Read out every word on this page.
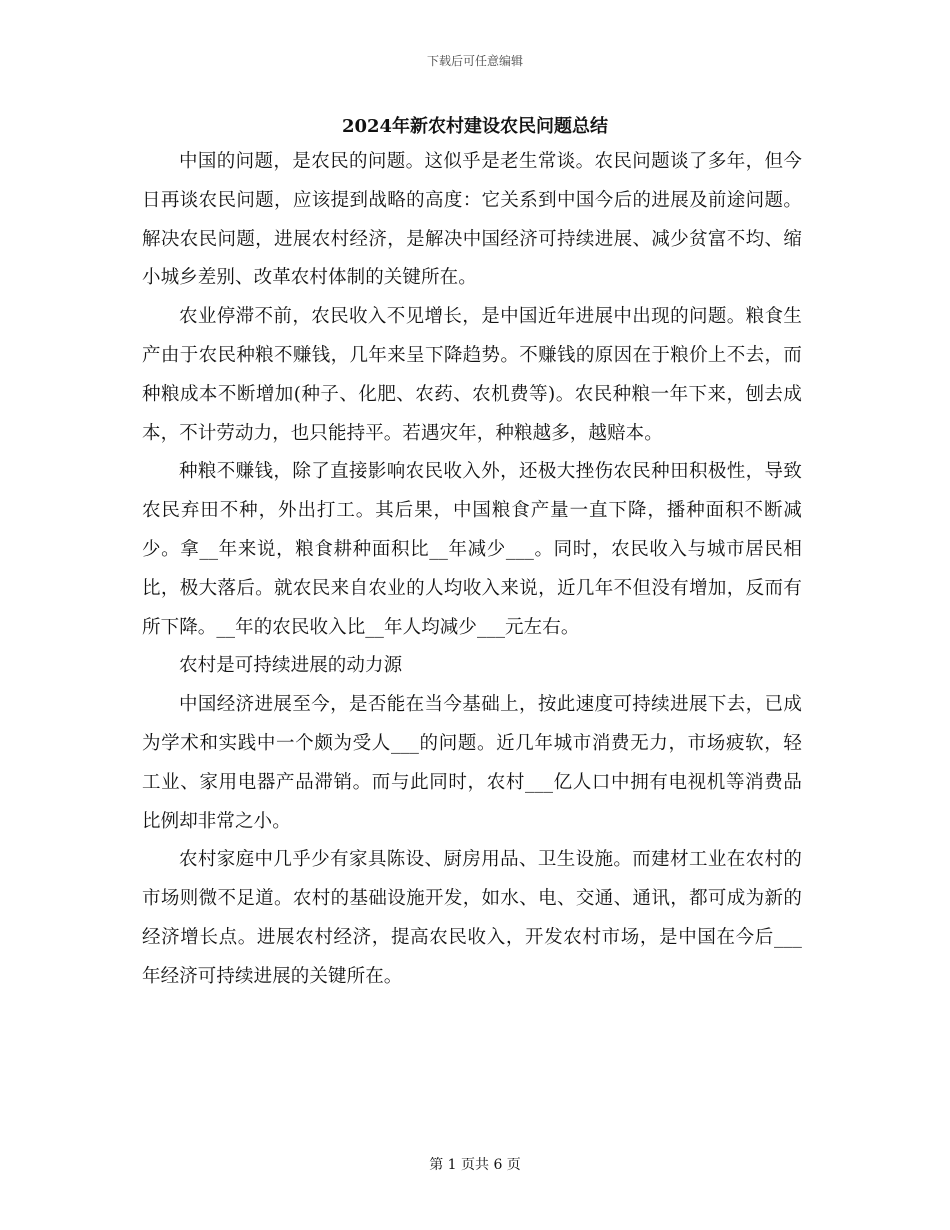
下载后可任意编辑
2024年新农村建设农民问题总结

中国的问题，是农民的问题。这似乎是老生常谈。农民问题谈了多年，但今日再谈农民问题，应该提到战略的高度：它关系到中国今后的进展及前途问题。解决农民问题，进展农村经济，是解决中国经济可持续进展、减少贫富不均、缩小城乡差别、改革农村体制的关键所在。

农业停滞不前，农民收入不见增长，是中国近年进展中出现的问题。粮食生产由于农民种粮不赚钱，几年来呈下降趋势。不赚钱的原因在于粮价上不去，而种粮成本不断增加(种子、化肥、农药、农机费等)。农民种粮一年下来，刨去成本，不计劳动力，也只能持平。若遇灾年，种粮越多，越赔本。

种粮不赚钱，除了直接影响农民收入外，还极大挫伤农民种田积极性，导致农民弃田不种，外出打工。其后果，中国粮食产量一直下降，播种面积不断减少。拿__年来说，粮食耕种面积比__年减少___。同时，农民收入与城市居民相比，极大落后。就农民来自农业的人均收入来说，近几年不但没有增加，反而有所下降。__年的农民收入比__年人均减少___元左右。

农村是可持续进展的动力源

中国经济进展至今，是否能在当今基础上，按此速度可持续进展下去，已成为学术和实践中一个颇为受人___的问题。近几年城市消费无力，市场疲软，轻工业、家用电器产品滞销。而与此同时，农村___亿人口中拥有电视机等消费品比例却非常之小。

农村家庭中几乎少有家具陈设、厨房用品、卫生设施。而建材工业在农村的市场则微不足道。农村的基础设施开发，如水、电、交通、通讯，都可成为新的经济增长点。进展农村经济，提高农民收入，开发农村市场，是中国在今后___年经济可持续进展的关键所在。

第 1 页共 6 页
